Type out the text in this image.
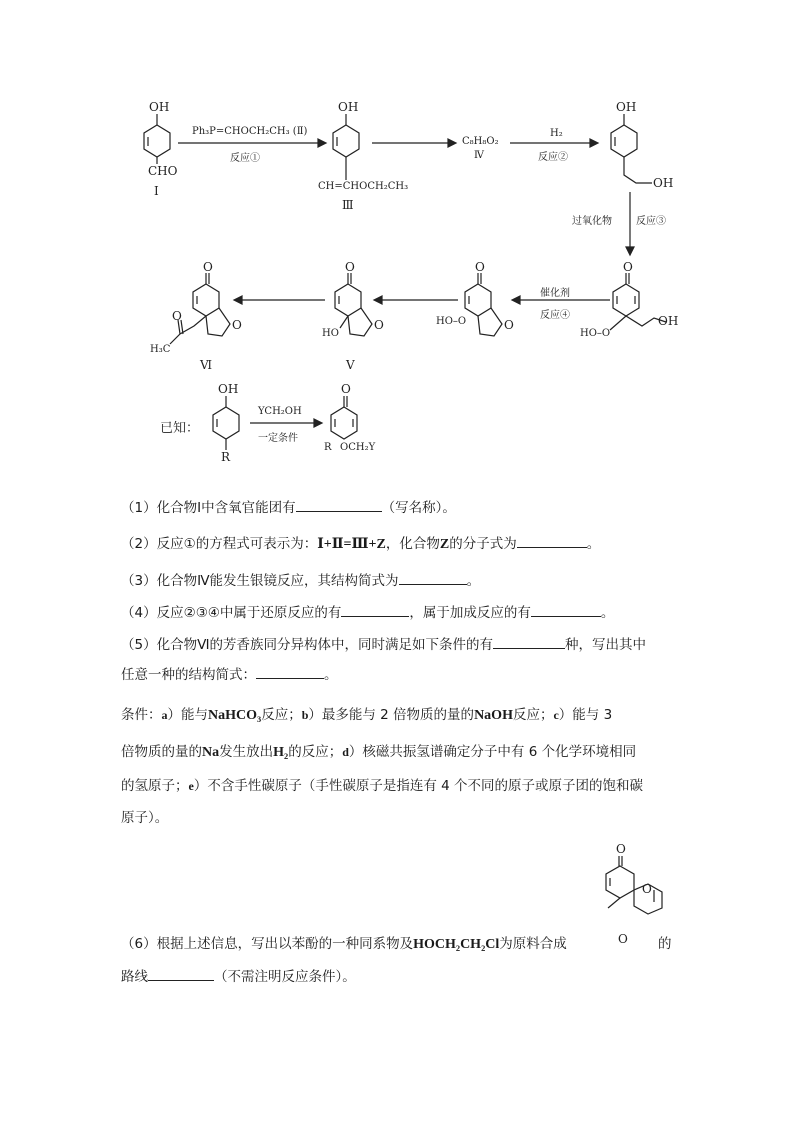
OH
CHO
I
Ph₃P=CHOCH₂CH₃ (Ⅱ)
反应①
OH
CH=CHOCH₂CH₃
Ⅲ
C₈H₈O₂
Ⅳ
H₂
反应②
OH
OH
过氧化物 反应③
O
HO–O
OH
催化剂
反应④
O
HO–O	O
O
HO
O
V
O
O
O
H₃C
Ⅵ
已知：
OH
R
YCH₂OH
一定条件
O
R OCH₂Y
（1）化合物Ⅰ中含氧官能团有	（写名称）。
（2）反应①的方程式可表示为：Ⅰ+Ⅱ=Ⅲ+Z，化合物Z的分子式为	。
（3）化合物Ⅳ能发生银镜反应，其结构简式为	。
（4）反应②③④中属于还原反应的有	，属于加成反应的有	。
（5）化合物Ⅵ的芳香族同分异构体中，同时满足如下条件的有	种，写出其中
任意一种的结构简式：	。
条件：a）能与NaHCO₃反应；b）最多能与 2 倍物质的量的NaOH反应；c）能与 3
倍物质的量的Na发生放出H₂的反应；d）核磁共振氢谱确定分子中有 6 个化学环境相同
的氢原子；e）不含手性碳原子（手性碳原子是指连有 4 个不同的原子或原子团的饱和碳
原子）。
（6）根据上述信息，写出以苯酚的一种同系物及HOCH₂CH₂Cl为原料合成	的
路线	（不需注明反应条件）。
O
O
O
